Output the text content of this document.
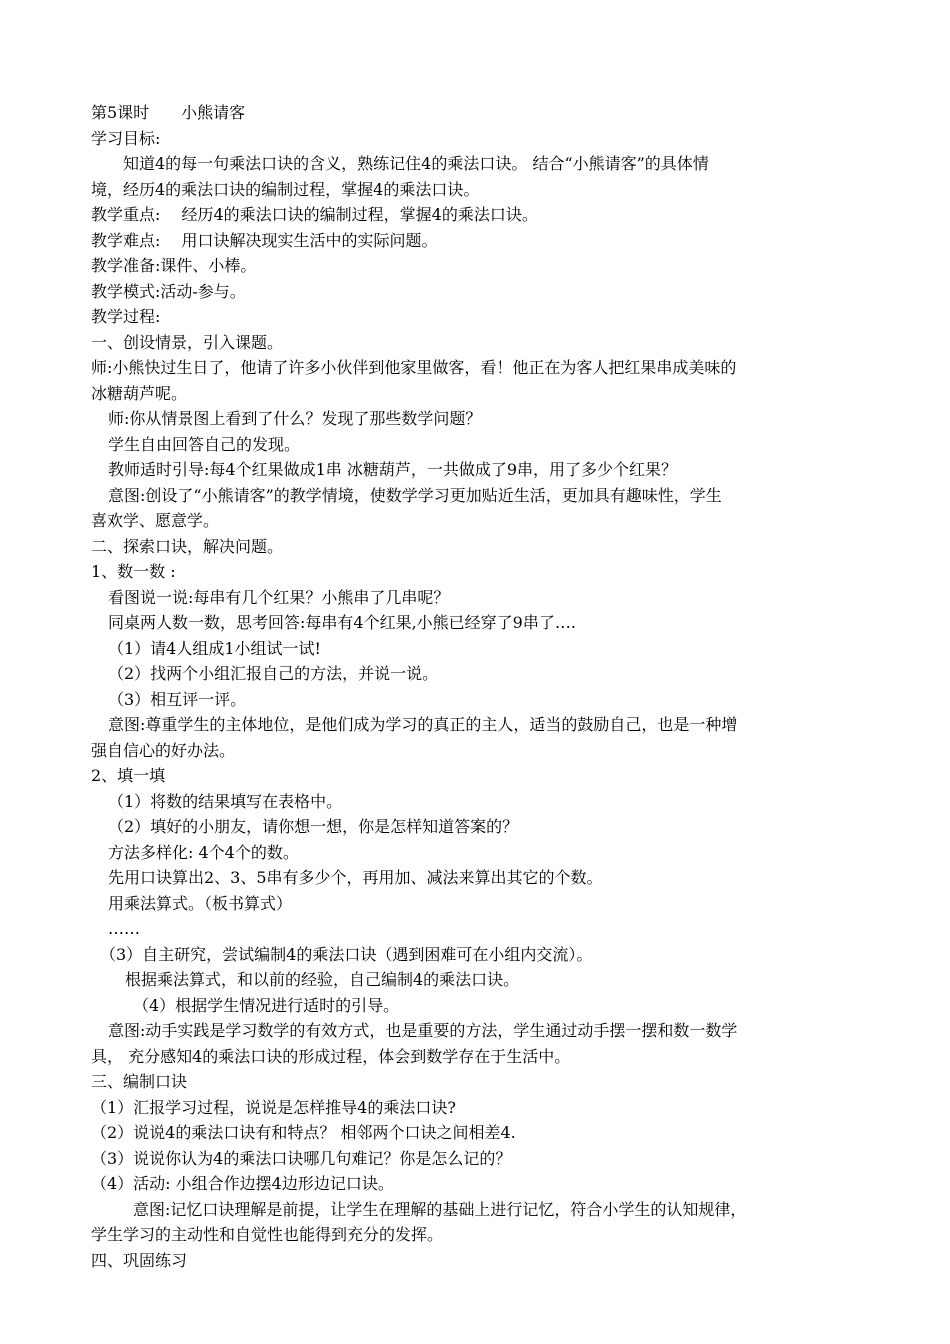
第5课时　　小熊请客
学习目标:
　　知道4的每一句乘法口诀的含义，熟练记住4的乘法口诀。 结合“小熊请客”的具体情
境，经历4的乘法口诀的编制过程，掌握4的乘法口诀。
教学重点:　 经历4的乘法口诀的编制过程，掌握4的乘法口诀。
教学难点:　 用口诀解决现实生活中的实际问题。
教学准备:课件、小棒。
教学模式:活动-参与。
教学过程:
一、创设情景，引入课题。
师:小熊快过生日了，他请了许多小伙伴到他家里做客，看！他正在为客人把红果串成美味的
冰糖葫芦呢。
师:你从情景图上看到了什么？发现了那些数学问题？
学生自由回答自己的发现。
教师适时引导:每4个红果做成1串 冰糖葫芦，一共做成了9串，用了多少个红果？
意图:创设了“小熊请客”的教学情境，使数学学习更加贴近生活，更加具有趣味性，学生
喜欢学、愿意学。
二、探索口诀，解决问题。
1、数一数 :
看图说一说:每串有几个红果？小熊串了几串呢？
同桌两人数一数，思考回答:每串有4个红果,小熊已经穿了9串了….
（1）请4人组成1小组试一试!
（2）找两个小组汇报自己的方法，并说一说。
（3）相互评一评。
意图:尊重学生的主体地位，是他们成为学习的真正的主人，适当的鼓励自己，也是一种增
强自信心的好办法。
2、填一填
（1）将数的结果填写在表格中。
（2）填好的小朋友，请你想一想，你是怎样知道答案的？
方法多样化: 4个4个的数。
先用口诀算出2、3、5串有多少个，再用加、减法来算出其它的个数。
用乘法算式。（板书算式）
……
（3）自主研究，尝试编制4的乘法口诀（遇到困难可在小组内交流）。
根据乘法算式，和以前的经验，自己编制4的乘法口诀。
（4）根据学生情况进行适时的引导。
意图:动手实践是学习数学的有效方式，也是重要的方法，学生通过动手摆一摆和数一数学
具， 充分感知4的乘法口诀的形成过程，体会到数学存在于生活中。
三、编制口诀
（1）汇报学习过程，说说是怎样推导4的乘法口诀?
（2）说说4的乘法口诀有和特点？ 相邻两个口诀之间相差4.
（3）说说你认为4的乘法口诀哪几句难记？你是怎么记的？
（4）活动: 小组合作边摆4边形边记口诀。
意图:记忆口诀理解是前提，让学生在理解的基础上进行记忆，符合小学生的认知规律，
学生学习的主动性和自觉性也能得到充分的发挥。
四、巩固练习
